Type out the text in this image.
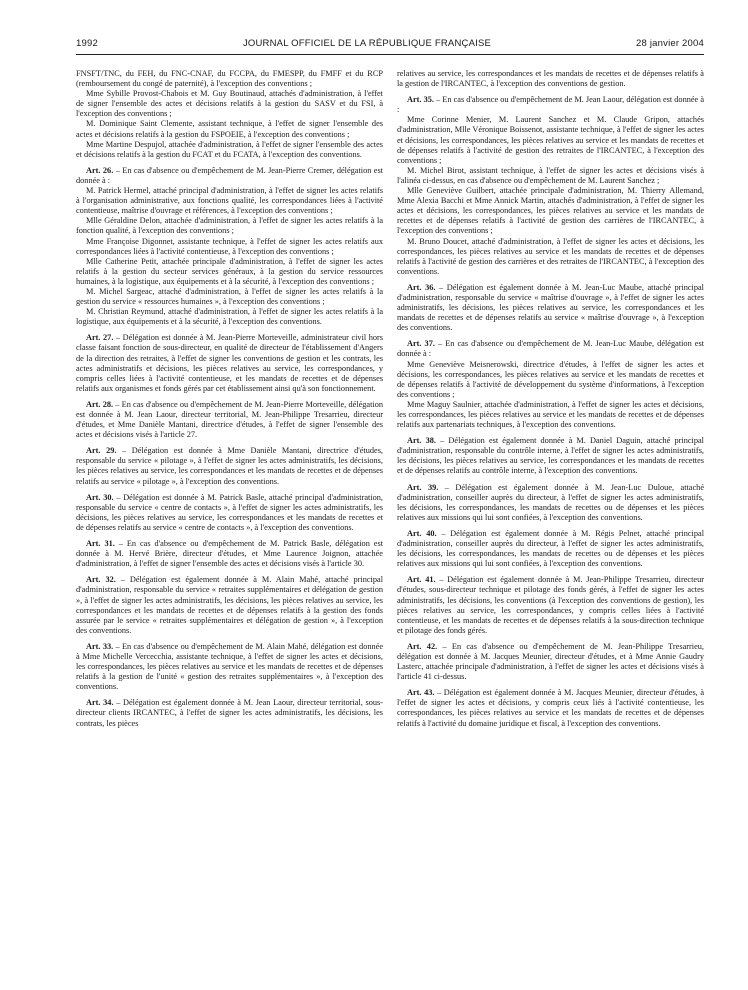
1992	JOURNAL OFFICIEL DE LA RÉPUBLIQUE FRANÇAISE	28 janvier 2004

FNSFT/TNC, du FEH, du FNC-CNAF, du FCCPA, du FMESPP, du FMFF et du RCP (remboursement du congé de paternité), à l'exception des conventions ;

Mme Sybille Provost-Chabois et M. Guy Boutinaud, attachés d'administration, à l'effet de signer l'ensemble des actes et décisions relatifs à la gestion du SASV et du FSI, à l'exception des conventions ;

M. Dominique Saint Clemente, assistant technique, à l'effet de signer l'ensemble des actes et décisions relatifs à la gestion du FSPOEIE, à l'exception des conventions ;

Mme Martine Despujol, attachée d'administration, à l'effet de signer l'ensemble des actes et décisions relatifs à la gestion du FCAT et du FCATA, à l'exception des conventions.

Art. 26. – En cas d'absence ou d'empêchement de M. Jean-Pierre Cremer, délégation est donnée à :

M. Patrick Hermel, attaché principal d'administration, à l'effet de signer les actes relatifs à l'organisation administrative, aux fonctions qualité, les correspondances liées à l'activité contentieuse, maîtrise d'ouvrage et références, à l'exception des conventions ;

Mlle Géraldine Delon, attachée d'administration, à l'effet de signer les actes relatifs à la fonction qualité, à l'exception des conventions ;

Mme Françoise Digonnet, assistante technique, à l'effet de signer les actes relatifs aux correspondances liées à l'activité contentieuse, à l'exception des conventions ;

Mlle Catherine Petit, attachée principale d'administration, à l'effet de signer les actes relatifs à la gestion du secteur services généraux, à la gestion du service ressources humaines, à la logistique, aux équipements et à la sécurité, à l'exception des conventions ;

M. Michel Sargeac, attaché d'administration, à l'effet de signer les actes relatifs à la gestion du service « ressources humaines », à l'exception des conventions ;

M. Christian Reymund, attaché d'administration, à l'effet de signer les actes relatifs à la logistique, aux équipements et à la sécurité, à l'exception des conventions.

Art. 27. – Délégation est donnée à M. Jean-Pierre Morteveille, administrateur civil hors classe faisant fonction de sous-directeur, en qualité de directeur de l'établissement d'Angers de la direction des retraites, à l'effet de signer les conventions de gestion et les contrats, les actes administratifs et décisions, les pièces relatives au service, les correspondances, y compris celles liées à l'activité contentieuse, et les mandats de recettes et de dépenses relatifs aux organismes et fonds gérés par cet établissement ainsi qu'à son fonctionnement.

Art. 28. – En cas d'absence ou d'empêchement de M. Jean-Pierre Morteveille, délégation est donnée à M. Jean Laour, directeur territorial, M. Jean-Philippe Tresarrieu, directeur d'études, et Mme Danièle Mantani, directrice d'études, à l'effet de signer l'ensemble des actes et décisions visés à l'article 27.

Art. 29. – Délégation est donnée à Mme Danièle Mantani, directrice d'études, responsable du service « pilotage », à l'effet de signer les actes administratifs, les décisions, les pièces relatives au service, les correspondances et les mandats de recettes et de dépenses relatifs au service « pilotage », à l'exception des conventions.

Art. 30. – Délégation est donnée à M. Patrick Basle, attaché principal d'administration, responsable du service « centre de contacts », à l'effet de signer les actes administratifs, les décisions, les pièces relatives au service, les correspondances et les mandats de recettes et de dépenses relatifs au service « centre de contacts », à l'exception des conventions.

Art. 31. – En cas d'absence ou d'empêchement de M. Patrick Basle, délégation est donnée à M. Hervé Brière, directeur d'études, et Mme Laurence Joignon, attachée d'administration, à l'effet de signer l'ensemble des actes et décisions visés à l'article 30.

Art. 32. – Délégation est également donnée à M. Alain Mahé, attaché principal d'administration, responsable du service « retraites supplémentaires et délégation de gestion », à l'effet de signer les actes administratifs, les décisions, les pièces relatives au service, les correspondances et les mandats de recettes et de dépenses relatifs à la gestion des fonds assurée par le service « retraites supplémentaires et délégation de gestion », à l'exception des conventions.

Art. 33. – En cas d'absence ou d'empêchement de M. Alain Mahé, délégation est donnée à Mme Michelle Vercecchia, assistante technique, à l'effet de signer les actes et décisions, les correspondances, les pièces relatives au service et les mandats de recettes et de dépenses relatifs à la gestion de l'unité « gestion des retraites supplémentaires », à l'exception des conventions.

Art. 34. – Délégation est également donnée à M. Jean Laour, directeur territorial, sous-directeur clients IRCANTEC, à l'effet de signer les actes administratifs, les décisions, les contrats, les pièces

relatives au service, les correspondances et les mandats de recettes et de dépenses relatifs à la gestion de l'IRCANTEC, à l'exception des conventions de gestion.

Art. 35. – En cas d'absence ou d'empêchement de M. Jean Laour, délégation est donnée à :

Mme Corinne Menier, M. Laurent Sanchez et M. Claude Gripon, attachés d'administration, Mlle Véronique Boissenot, assistante technique, à l'effet de signer les actes et décisions, les correspondances, les pièces relatives au service et les mandats de recettes et de dépenses relatifs à l'activité de gestion des retraites de l'IRCANTEC, à l'exception des conventions ;

M. Michel Birot, assistant technique, à l'effet de signer les actes et décisions visés à l'alinéa ci-dessus, en cas d'absence ou d'empêchement de M. Laurent Sanchez ;

Mlle Geneviève Guilbert, attachée principale d'administration, M. Thierry Allemand, Mme Alexia Bacchi et Mme Annick Martin, attachés d'administration, à l'effet de signer les actes et décisions, les correspondances, les pièces relatives au service et les mandats de recettes et de dépenses relatifs à l'activité de gestion des carrières de l'IRCANTEC, à l'exception des conventions ;

M. Bruno Doucet, attaché d'administration, à l'effet de signer les actes et décisions, les correspondances, les pièces relatives au service et les mandats de recettes et de dépenses relatifs à l'activité de gestion des carrières et des retraites de l'IRCANTEC, à l'exception des conventions.

Art. 36. – Délégation est également donnée à M. Jean-Luc Maube, attaché principal d'administration, responsable du service « maîtrise d'ouvrage », à l'effet de signer les actes administratifs, les décisions, les pièces relatives au service, les correspondances et les mandats de recettes et de dépenses relatifs au service « maîtrise d'ouvrage », à l'exception des conventions.

Art. 37. – En cas d'absence ou d'empêchement de M. Jean-Luc Maube, délégation est donnée à :

Mme Geneviève Meisnerowski, directrice d'études, à l'effet de signer les actes et décisions, les correspondances, les pièces relatives au service et les mandats de recettes et de dépenses relatifs à l'activité de développement du système d'informations, à l'exception des conventions ;

Mme Maguy Saulnier, attachée d'administration, à l'effet de signer les actes et décisions, les correspondances, les pièces relatives au service et les mandats de recettes et de dépenses relatifs aux partenariats techniques, à l'exception des conventions.

Art. 38. – Délégation est également donnée à M. Daniel Daguin, attaché principal d'administration, responsable du contrôle interne, à l'effet de signer les actes administratifs, les décisions, les pièces relatives au service, les correspondances et les mandats de recettes et de dépenses relatifs au contrôle interne, à l'exception des conventions.

Art. 39. – Délégation est également donnée à M. Jean-Luc Duloue, attaché d'administration, conseiller auprès du directeur, à l'effet de signer les actes administratifs, les décisions, les correspondances, les mandats de recettes ou de dépenses et les pièces relatives aux missions qui lui sont confiées, à l'exception des conventions.

Art. 40. – Délégation est également donnée à M. Régis Pelnet, attaché principal d'administration, conseiller auprès du directeur, à l'effet de signer les actes administratifs, les décisions, les correspondances, les mandats de recettes ou de dépenses et les pièces relatives aux missions qui lui sont confiées, à l'exception des conventions.

Art. 41. – Délégation est également donnée à M. Jean-Philippe Tresarrieu, directeur d'études, sous-directeur technique et pilotage des fonds gérés, à l'effet de signer les actes administratifs, les décisions, les conventions (à l'exception des conventions de gestion), les pièces relatives au service, les correspondances, y compris celles liées à l'activité contentieuse, et les mandats de recettes et de dépenses relatifs à la sous-direction technique et pilotage des fonds gérés.

Art. 42. – En cas d'absence ou d'empêchement de M. Jean-Philippe Tresarrieu, délégation est donnée à M. Jacques Meunier, directeur d'études, et à Mme Annie Gaudry Lasterc, attachée principale d'administration, à l'effet de signer les actes et décisions visés à l'article 41 ci-dessus.

Art. 43. – Délégation est également donnée à M. Jacques Meunier, directeur d'études, à l'effet de signer les actes et décisions, y compris ceux liés à l'activité contentieuse, les correspondances, les pièces relatives au service et les mandats de recettes et de dépenses relatifs à l'activité du domaine juridique et fiscal, à l'exception des conventions.
